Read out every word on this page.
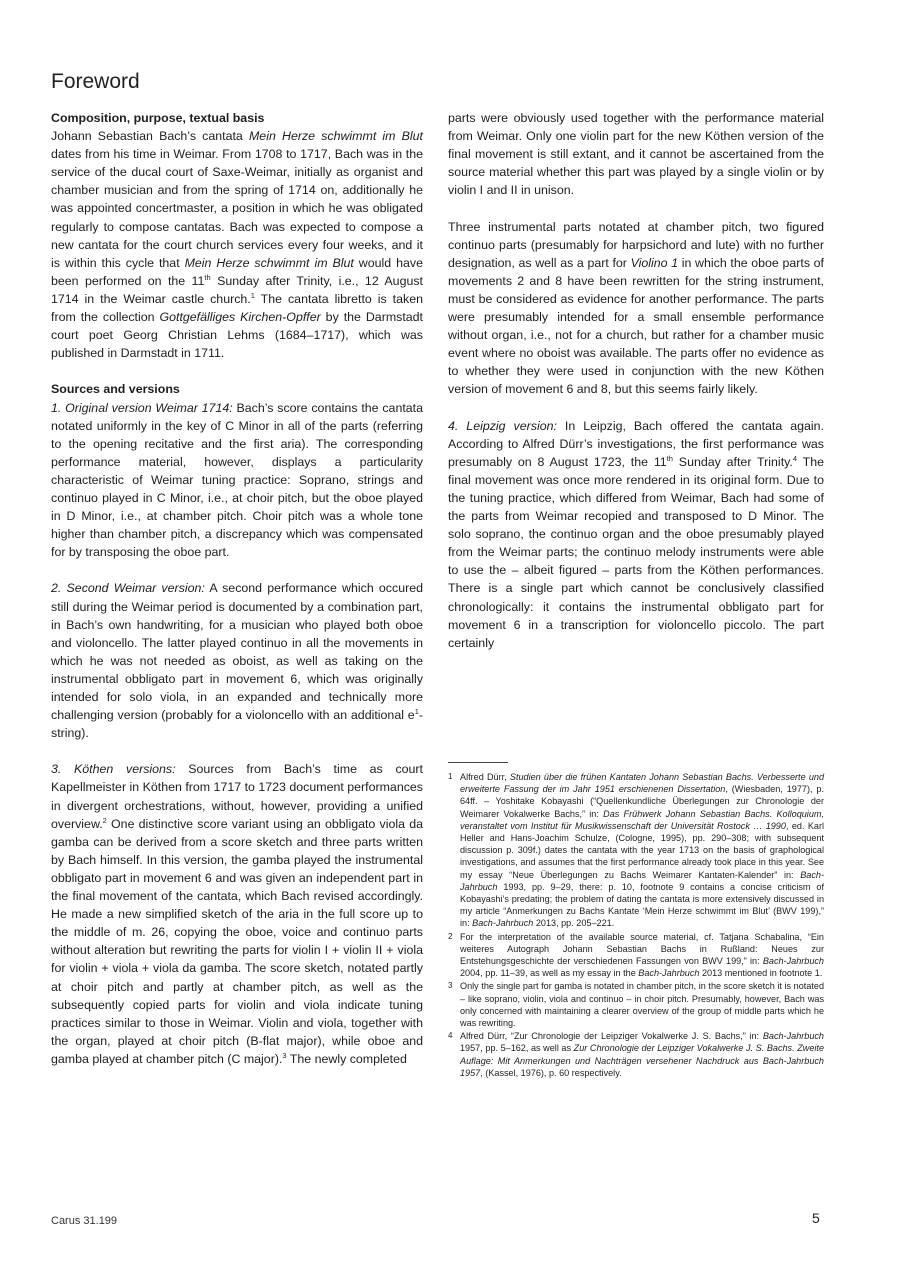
Foreword
Composition, purpose, textual basis

Johann Sebastian Bach’s cantata Mein Herze schwimmt im Blut dates from his time in Weimar. From 1708 to 1717, Bach was in the service of the ducal court of Saxe-Weimar, initially as organist and chamber musician and from the spring of 1714 on, additionally he was appointed concertmaster, a position in which he was obligated regularly to compose cantatas. Bach was expected to compose a new cantata for the court church services every four weeks, and it is within this cycle that Mein Herze schwimmt im Blut would have been performed on the 11th Sunday after Trinity, i.e., 12 August 1714 in the Weimar castle church.$^1$ The cantata libretto is taken from the collection Gottgefälliges Kirchen-Opffer by the Darmstadt court poet Georg Christian Lehms (1684–1717), which was published in Darmstadt in 1711.

Sources and versions

1. Original version Weimar 1714: Bach’s score contains the cantata notated uniformly in the key of C Minor in all of the parts (referring to the opening recitative and the first aria). The corresponding performance material, however, displays a particularity characteristic of Weimar tuning practice: Soprano, strings and continuo played in C Minor, i.e., at choir pitch, but the oboe played in D Minor, i.e., at chamber pitch. Choir pitch was a whole tone higher than chamber pitch, a discrepancy which was compensated for by transposing the oboe part.

2. Second Weimar version: A second performance which occured still during the Weimar period is documented by a combination part, in Bach’s own handwriting, for a musician who played both oboe and violoncello. The latter played continuo in all the movements in which he was not needed as oboist, as well as taking on the instrumental obbligato part in movement 6, which was originally intended for solo viola, in an expanded and technically more challenging version (probably for a violoncello with an additional $e^1-string$).

3. Köthen versions: Sources from Bach’s time as court Kapellmeister in Köthen from 1717 to 1723 document performances in divergent orchestrations, without, however, providing a unified overview.$^2$ One distinctive score variant using an obbligato viola da gamba can be derived from a score sketch and three parts written by Bach himself. In this version, the gamba played the instrumental obbligato part in movement 6 and was given an independent part in the final movement of the cantata, which Bach revised accordingly. He made a new simplified sketch of the aria in the full score up to the middle of m. 26, copying the oboe, voice and continuo parts without alteration but rewriting the parts for violin I + violin II + viola for violin + viola + viola da gamba. The score sketch, notated partly at choir pitch and partly at chamber pitch, as well as the subsequently copied parts for violin and viola indicate tuning practices similar to those in Weimar. Violin and viola, together with the organ, played at choir pitch (B-flat major), while oboe and gamba played at chamber pitch (C major).$^3$ The newly completed

parts were obviously used together with the performance material from Weimar. Only one violin part for the new Köthen version of the final movement is still extant, and it cannot be ascertained from the source material whether this part was played by a single violin or by violin I and II in unison.

Three instrumental parts notated at chamber pitch, two figured continuo parts (presumably for harpsichord and lute) with no further designation, as well as a part for Violino 1 in which the oboe parts of movements 2 and 8 have been rewritten for the string instrument, must be considered as evidence for another performance. The parts were presumably intended for a small ensemble performance without organ, i.e., not for a church, but rather for a chamber music event where no oboist was available. The parts offer no evidence as to whether they were used in conjunction with the new Köthen version of movement 6 and 8, but this seems fairly likely.

4. Leipzig version: In Leipzig, Bach offered the cantata again. According to Alfred Dürr’s investigations, the first performance was presumably on 8 August 1723, the 11th Sunday after Trinity.$^4$ The final movement was once more rendered in its original form. Due to the tuning practice, which differed from Weimar, Bach had some of the parts from Weimar recopied and transposed to D Minor. The solo soprano, the continuo organ and the oboe presumably played from the Weimar parts; the continuo melody instruments were able to use the – albeit figured – parts from the Köthen performances. There is a single part which cannot be conclusively classified chronologically: it contains the instrumental obbligato part for movement 6 in a transcription for violoncello piccolo. The part certainly

1 Alfred Dürr, Studien über die frühen Kantaten Johann Sebastian Bachs. Verbesserte und erweiterte Fassung der im Jahr 1951 erschienenen Dissertation, (Wiesbaden, 1977), p. 64ff. – Yoshitake Kobayashi (“Quellenkundliche Überlegungen zur Chronologie der Weimarer Vokalwerke Bachs,” in: Das Frühwerk Johann Sebastian Bachs. Kolloquium, veranstaltet vom Institut für Musikwissenschaft der Universität Rostock … 1990, ed. Karl Heller and Hans-Joachim Schulze, (Cologne, 1995), pp. 290–308; with subsequent discussion p. 309f.) dates the cantata with the year 1713 on the basis of graphological investigations, and assumes that the first performance already took place in this year. See my essay “Neue Überlegungen zu Bachs Weimarer Kantaten-Kalender” in: Bach-Jahrbuch 1993, pp. 9–29, there: p. 10, footnote 9 contains a concise criticism of Kobayashi’s predating; the problem of dating the cantata is more extensively discussed in my article “Anmerkungen zu Bachs Kantate ‘Mein Herze schwimmt im Blut’ (BWV 199),” in: Bach-Jahrbuch 2013, pp. 205–221.
2 For the interpretation of the available source material, cf. Tatjana Schabalina, “Ein weiteres Autograph Johann Sebastian Bachs in Rußland: Neues zur Entstehungsgeschichte der verschiedenen Fassungen von BWV 199,” in: Bach-Jahrbuch 2004, pp. 11–39, as well as my essay in the Bach-Jahrbuch 2013 mentioned in footnote 1.
3 Only the single part for gamba is notated in chamber pitch, in the score sketch it is notated – like soprano, violin, viola and continuo – in choir pitch. Presumably, however, Bach was only concerned with maintaining a clearer overview of the group of middle parts which he was rewriting.
4 Alfred Dürr, “Zur Chronologie der Leipziger Vokalwerke J. S. Bachs,” in: Bach-Jahrbuch 1957, pp. 5–162, as well as Zur Chronologie der Leipziger Vokalwerke J. S. Bachs. Zweite Auflage: Mit Anmerkungen und Nachträgen versehener Nachdruck aus Bach-Jahrbuch 1957, (Kassel, 1976), p. 60 respectively.
Carus 31.199	5
